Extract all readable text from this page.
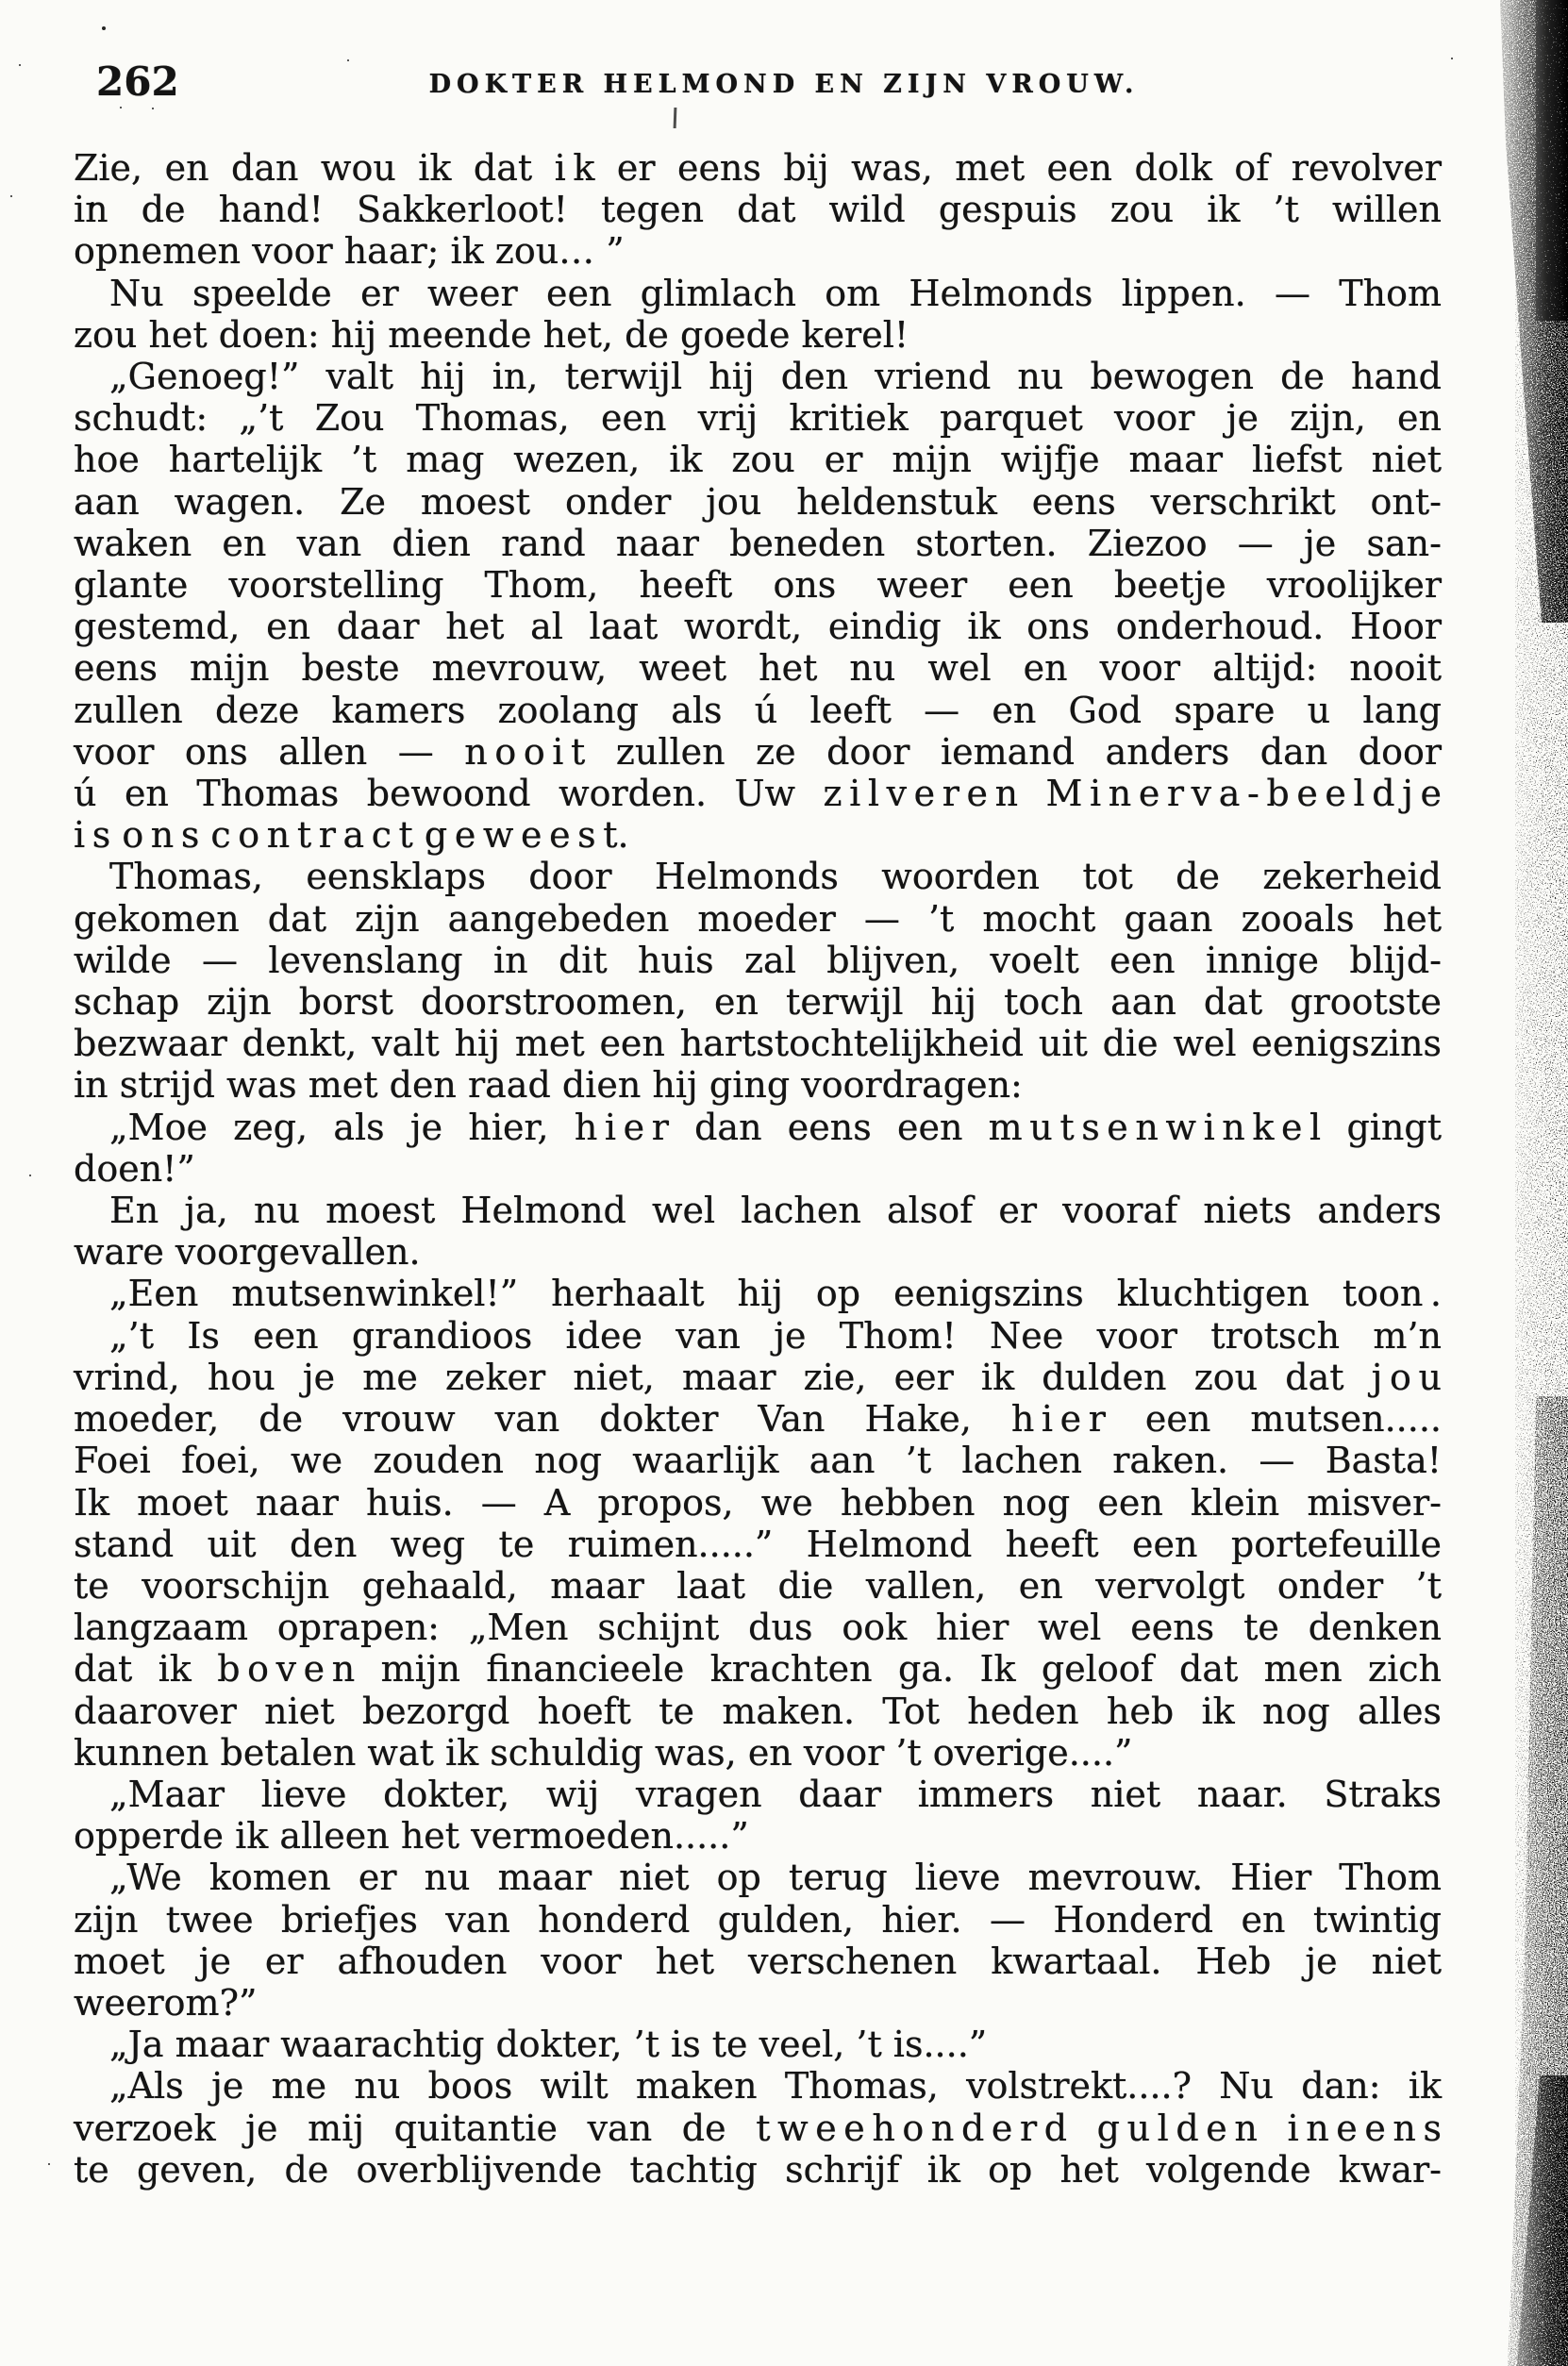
262	DOKTER HELMOND EN ZIJN VROUW.
Zie, en dan wou ik dat i k er eens bij was, met een dolk of revolver
in de hand! Sakkerloot! tegen dat wild gespuis zou ik ’t willen
opnemen voor haar; ik zou… ”
Nu speelde er weer een glimlach om Helmonds lippen. — Thom
zou het doen: hij meende het, de goede kerel!
„Genoeg!” valt hij in, terwijl hij den vriend nu bewogen de hand
schudt: „’t Zou Thomas, een vrij kritiek parquet voor je zijn, en
hoe hartelijk ’t mag wezen, ik zou er mijn wijfje maar liefst niet
aan wagen. Ze moest onder jou heldenstuk eens verschrikt ont-
waken en van dien rand naar beneden storten. Ziezoo — je san-
glante voorstelling Thom, heeft ons weer een beetje vroolijker
gestemd, en daar het al laat wordt, eindig ik ons onderhoud. Hoor
eens mijn beste mevrouw, weet het nu wel en voor altijd: nooit
zullen deze kamers zoolang als ú leeft — en God spare u lang
voor ons allen — n o o i t zullen ze door iemand anders dan door
ú en Thomas bewoond worden. Uw z i l v e r e n M i n e r v a - b e e l d j e
i s o n s c o n t r a c t g e w e e s t.
Thomas, eensklaps door Helmonds woorden tot de zekerheid
gekomen dat zijn aangebeden moeder — ’t mocht gaan zooals het
wilde — levenslang in dit huis zal blijven, voelt een innige blijd-
schap zijn borst doorstroomen, en terwijl hij toch aan dat grootste
bezwaar denkt, valt hij met een hartstochtelijkheid uit die wel eenigszins
in strijd was met den raad dien hij ging voordragen:
„Moe zeg, als je hier, h i e r dan eens een m u t s e n w i n k e l gingt
doen!”
En ja, nu moest Helmond wel lachen alsof er vooraf niets anders
ware voorgevallen.
„Een mutsenwinkel!” herhaalt hij op eenigszins kluchtigen toon .
„’t Is een grandioos idee van je Thom! Nee voor trotsch m’n
vrind, hou je me zeker niet, maar zie, eer ik dulden zou dat j o u
moeder, de vrouw van dokter Van Hake, h i e r een mutsen.....
Foei foei, we zouden nog waarlijk aan ’t lachen raken. — Basta!
Ik moet naar huis. — A propos, we hebben nog een klein misver-
stand uit den weg te ruimen.....” Helmond heeft een portefeuille
te voorschijn gehaald, maar laat die vallen, en vervolgt onder ’t
langzaam oprapen: „Men schijnt dus ook hier wel eens te denken
dat ik b o v e n mijn financieele krachten ga. Ik geloof dat men zich
daarover niet bezorgd hoeft te maken. Tot heden heb ik nog alles
kunnen betalen wat ik schuldig was, en voor ’t overige....”
„Maar lieve dokter, wij vragen daar immers niet naar. Straks
opperde ik alleen het vermoeden.....”
„We komen er nu maar niet op terug lieve mevrouw. Hier Thom
zijn twee briefjes van honderd gulden, hier. — Honderd en twintig
moet je er afhouden voor het verschenen kwartaal. Heb je niet
weerom?”
„Ja maar waarachtig dokter, ’t is te veel, ’t is....”
„Als je me nu boos wilt maken Thomas, volstrekt....? Nu dan: ik
verzoek je mij quitantie van de t w e e h o n d e r d g u l d e n i n e e n s
te geven, de overblijvende tachtig schrijf ik op het volgende kwar-
